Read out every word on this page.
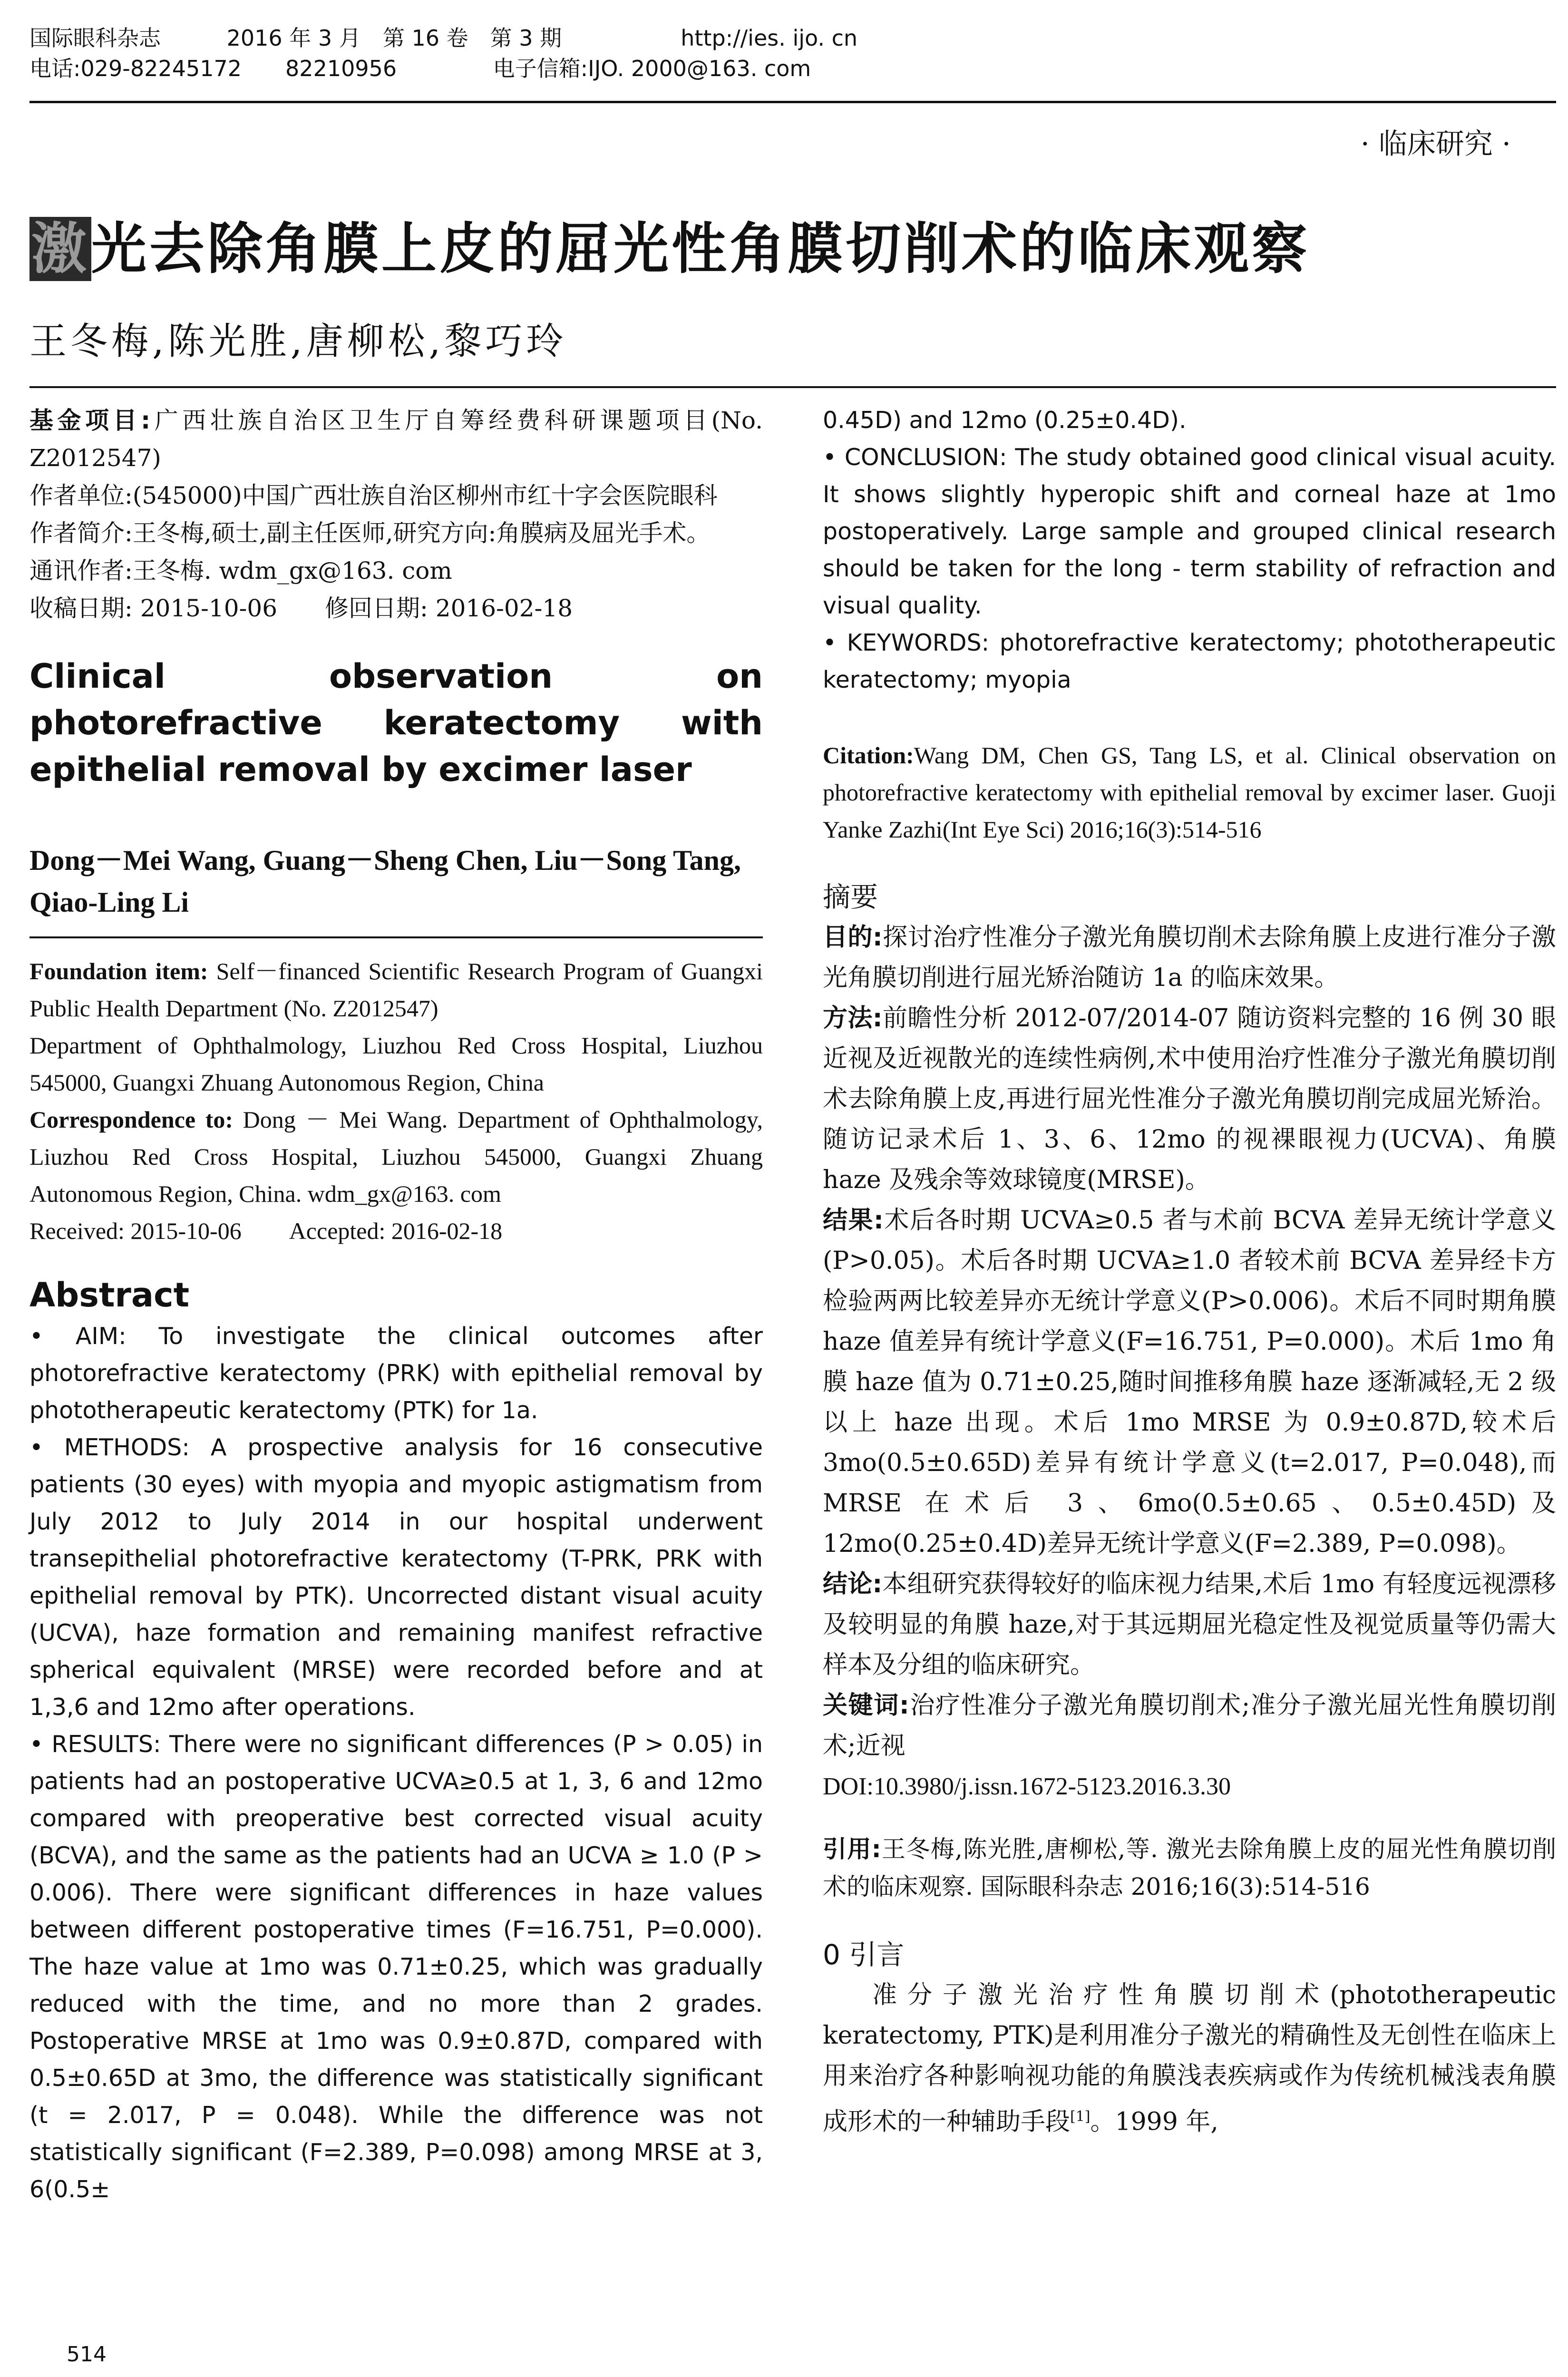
国际眼科杂志	2016 年 3 月　第 16 卷　第 3 期	http://ies. ijo. cn
电话:029-82245172　　82210956	电子信箱:IJO. 2000@163. com
· 临床研究 ·
激光去除角膜上皮的屈光性角膜切削术的临床观察
王冬梅,陈光胜,唐柳松,黎巧玲
基金项目:广西壮族自治区卫生厅自筹经费科研课题项目(No. Z2012547)
作者单位:(545000)中国广西壮族自治区柳州市红十字会医院眼科
作者简介:王冬梅,硕士,副主任医师,研究方向:角膜病及屈光手术。
通讯作者:王冬梅. wdm_gx@163. com
收稿日期: 2015-10-06　　修回日期: 2016-02-18
Clinical observation on photorefractive keratectomy with epithelial removal by excimer laser
Dong－Mei Wang, Guang－Sheng Chen, Liu－Song Tang, Qiao-Ling Li
Foundation item: Self－financed Scientific Research Program of Guangxi Public Health Department (No. Z2012547)
Department of Ophthalmology, Liuzhou Red Cross Hospital, Liuzhou 545000, Guangxi Zhuang Autonomous Region, China
Correspondence to: Dong － Mei Wang. Department of Ophthalmology, Liuzhou Red Cross Hospital, Liuzhou 545000, Guangxi Zhuang Autonomous Region, China. wdm_gx@163. com
Received: 2015-10-06　　Accepted: 2016-02-18
Abstract
• AIM: To investigate the clinical outcomes after photorefractive keratectomy (PRK) with epithelial removal by phototherapeutic keratectomy (PTK) for 1a.
• METHODS: A prospective analysis for 16 consecutive patients (30 eyes) with myopia and myopic astigmatism from July 2012 to July 2014 in our hospital underwent transepithelial photorefractive keratectomy (T-PRK, PRK with epithelial removal by PTK). Uncorrected distant visual acuity (UCVA), haze formation and remaining manifest refractive spherical equivalent (MRSE) were recorded before and at 1,3,6 and 12mo after operations.
• RESULTS: There were no significant differences (P > 0.05) in patients had an postoperative UCVA≥0.5 at 1, 3, 6 and 12mo compared with preoperative best corrected visual acuity (BCVA), and the same as the patients had an UCVA ≥ 1.0 (P > 0.006). There were significant differences in haze values between different postoperative times (F=16.751, P=0.000). The haze value at 1mo was 0.71±0.25, which was gradually reduced with the time, and no more than 2 grades. Postoperative MRSE at 1mo was 0.9±0.87D, compared with 0.5±0.65D at 3mo, the difference was statistically significant (t = 2.017, P = 0.048). While the difference was not statistically significant (F=2.389, P=0.098) among MRSE at 3, 6(0.5±
0.45D) and 12mo (0.25±0.4D).
• CONCLUSION: The study obtained good clinical visual acuity. It shows slightly hyperopic shift and corneal haze at 1mo postoperatively. Large sample and grouped clinical research should be taken for the long - term stability of refraction and visual quality.
• KEYWORDS: photorefractive keratectomy; phototherapeutic keratectomy; myopia
Citation:Wang DM, Chen GS, Tang LS, et al. Clinical observation on photorefractive keratectomy with epithelial removal by excimer laser. Guoji Yanke Zazhi(Int Eye Sci) 2016;16(3):514-516
摘要
目的:探讨治疗性准分子激光角膜切削术去除角膜上皮进行准分子激光角膜切削进行屈光矫治随访 1a 的临床效果。
方法:前瞻性分析 2012-07/2014-07 随访资料完整的 16 例 30 眼近视及近视散光的连续性病例,术中使用治疗性准分子激光角膜切削术去除角膜上皮,再进行屈光性准分子激光角膜切削完成屈光矫治。随访记录术后 1、3、6、12mo 的视裸眼视力(UCVA)、角膜 haze 及残余等效球镜度(MRSE)。
结果:术后各时期 UCVA≥0.5 者与术前 BCVA 差异无统计学意义(P>0.05)。术后各时期 UCVA≥1.0 者较术前 BCVA 差异经卡方检验两两比较差异亦无统计学意义(P>0.006)。术后不同时期角膜 haze 值差异有统计学意义(F=16.751, P=0.000)。术后 1mo 角膜 haze 值为 0.71±0.25,随时间推移角膜 haze 逐渐减轻,无 2 级以上 haze 出现。术后 1mo MRSE 为 0.9±0.87D,较术后 3mo(0.5±0.65D)差异有统计学意义(t=2.017, P=0.048),而 MRSE 在术后 3、6mo(0.5±0.65、0.5±0.45D)及 12mo(0.25±0.4D)差异无统计学意义(F=2.389, P=0.098)。
结论:本组研究获得较好的临床视力结果,术后 1mo 有轻度远视漂移及较明显的角膜 haze,对于其远期屈光稳定性及视觉质量等仍需大样本及分组的临床研究。
关键词:治疗性准分子激光角膜切削术;准分子激光屈光性角膜切削术;近视
DOI:10.3980/j.issn.1672-5123.2016.3.30
引用:王冬梅,陈光胜,唐柳松,等. 激光去除角膜上皮的屈光性角膜切削术的临床观察. 国际眼科杂志 2016;16(3):514-516
0 引言
准分子激光治疗性角膜切削术(phototherapeutic keratectomy, PTK)是利用准分子激光的精确性及无创性在临床上用来治疗各种影响视功能的角膜浅表疾病或作为传统机械浅表角膜成形术的一种辅助手段[1]。1999 年,
514
